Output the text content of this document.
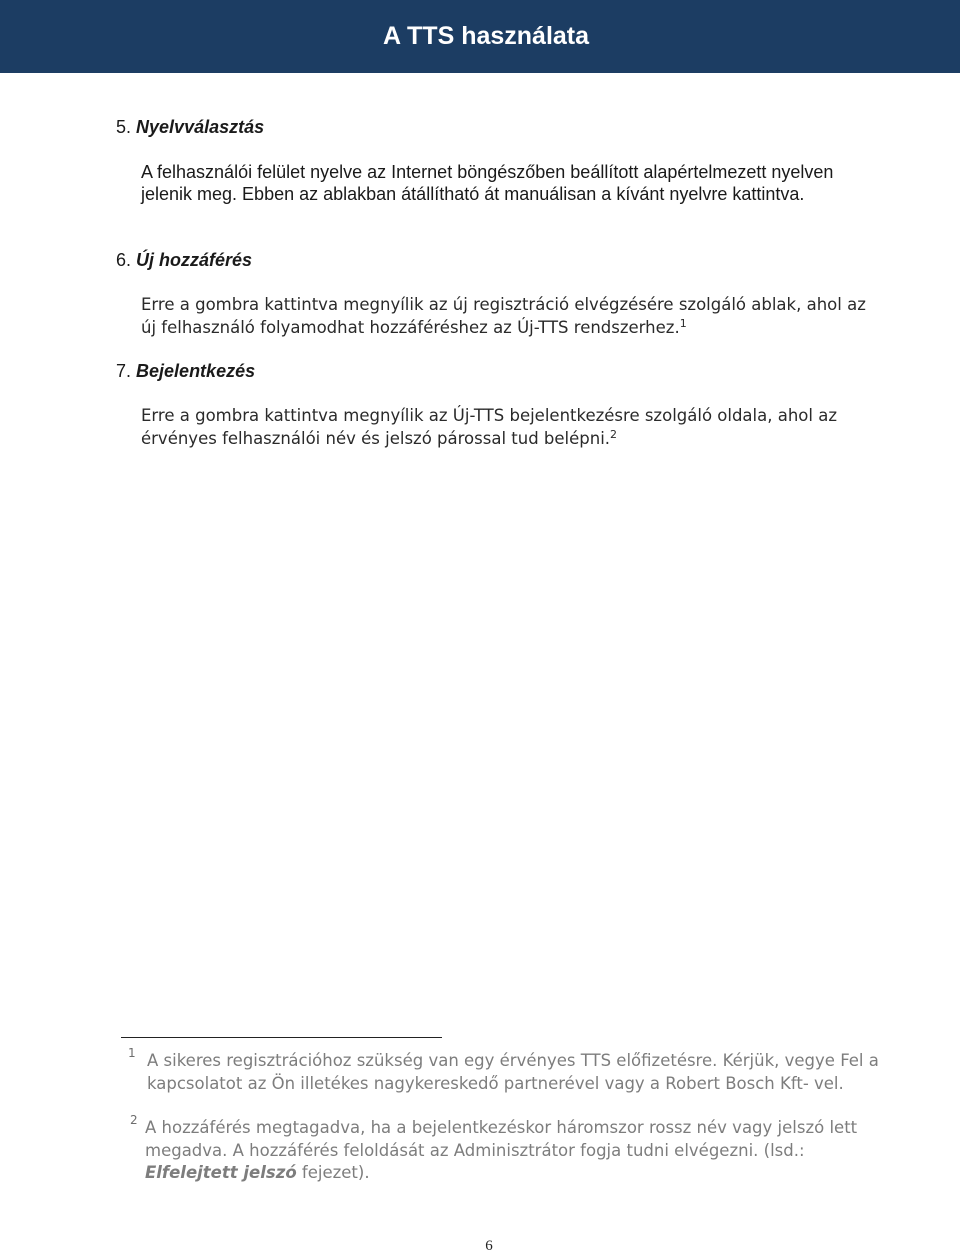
A TTS használata
5. Nyelvválasztás
A felhasználói felület nyelve az Internet böngészőben beállított alapértelmezett nyelven jelenik meg. Ebben az ablakban átállítható át manuálisan a kívánt nyelvre kattintva.
6. Új hozzáférés
Erre a gombra kattintva megnyílik az új regisztráció elvégzésére szolgáló ablak, ahol az új felhasználó folyamodhat hozzáféréshez az Új-TTS rendszerhez.$^1$
7. Bejelentkezés
Erre a gombra kattintva megnyílik az Új-TTS bejelentkezésre szolgáló oldala, ahol az érvényes felhasználói név és jelszó párossal tud belépni.$^2$
1 A sikeres regisztrációhoz szükség van egy érvényes TTS előfizetésre. Kérjük, vegye Fel a kapcsolatot az Ön illetékes nagykereskedő partnerével vagy a Robert Bosch Kft- vel.
2 A hozzáférés megtagadva, ha a bejelentkezéskor háromszor rossz név vagy jelszó lett megadva. A hozzáférés feloldását az Adminisztrátor fogja tudni elvégezni. (lsd.: Elfelejtett jelszó fejezet).
6
